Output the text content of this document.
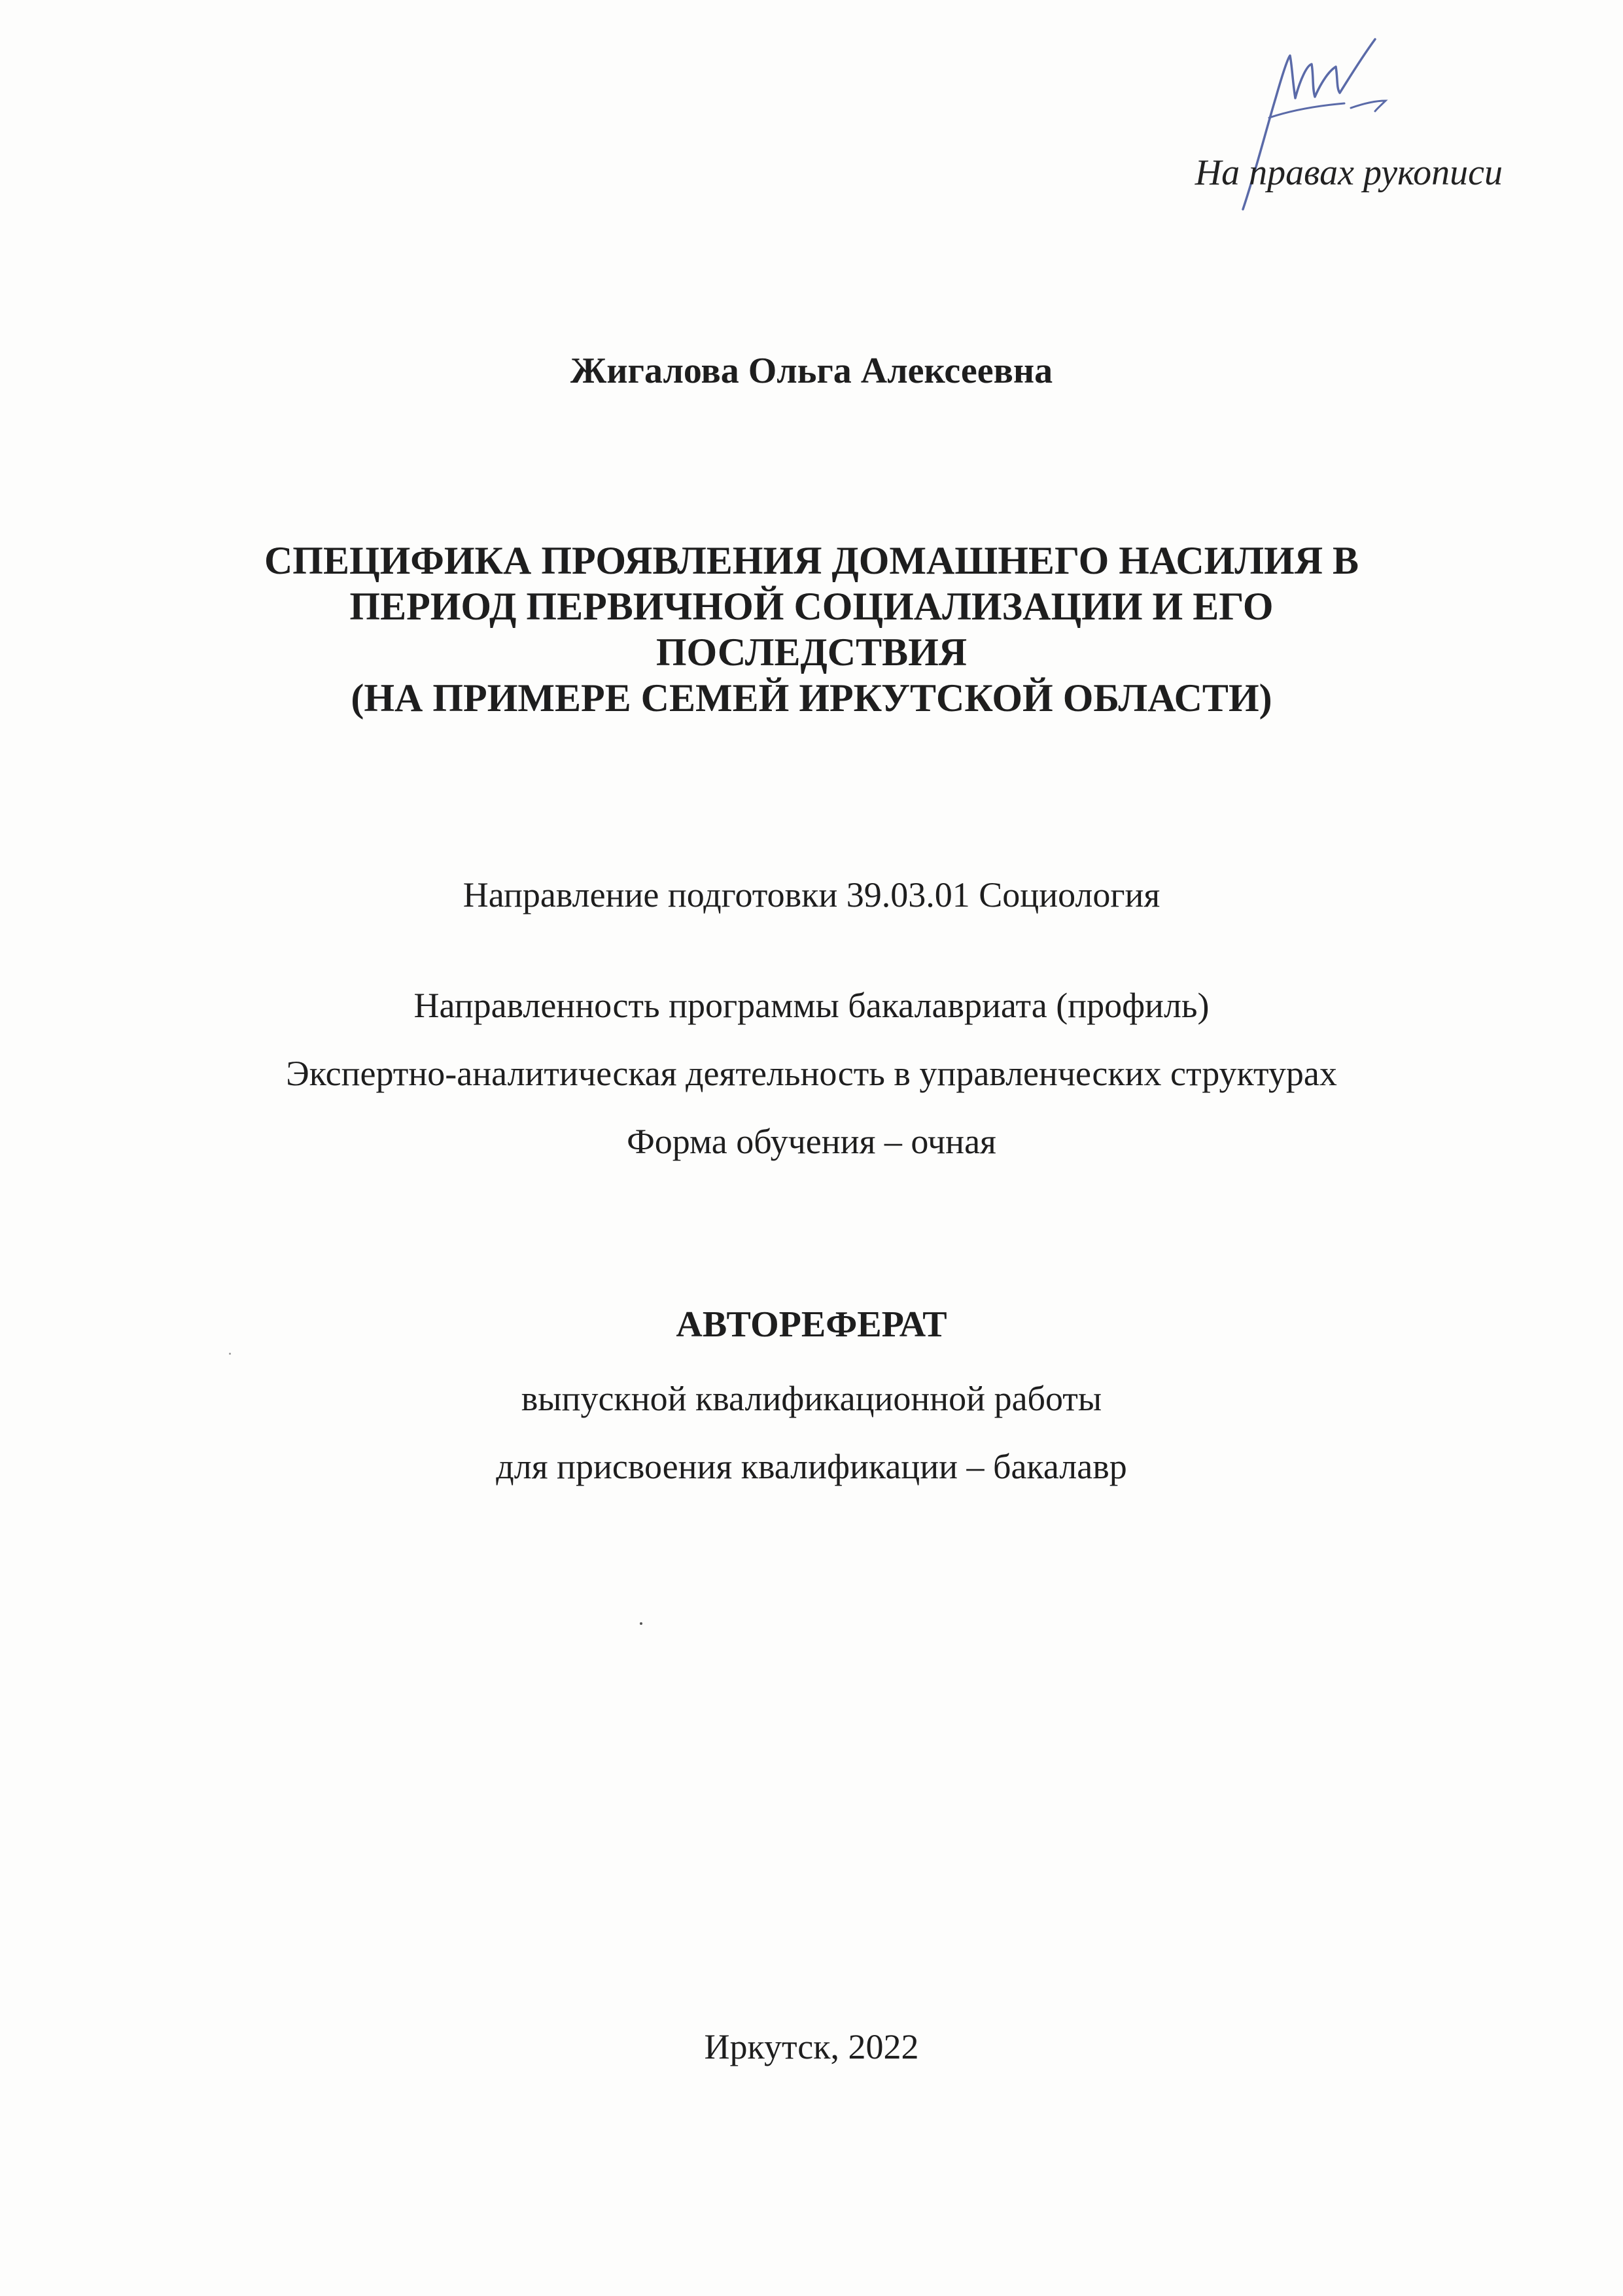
На правах рукописи

Жигалова Ольга Алексеевна

СПЕЦИФИКА ПРОЯВЛЕНИЯ ДОМАШНЕГО НАСИЛИЯ В
ПЕРИОД ПЕРВИЧНОЙ СОЦИАЛИЗАЦИИ И ЕГО
ПОСЛЕДСТВИЯ
(НА ПРИМЕРЕ СЕМЕЙ ИРКУТСКОЙ ОБЛАСТИ)

Направление подготовки 39.03.01 Социология

Направленность программы бакалавриата (профиль)
Экспертно-аналитическая деятельность в управленческих структурах
Форма обучения – очная

АВТОРЕФЕРАТ

выпускной квалификационной работы
для присвоения квалификации – бакалавр

Иркутск, 2022
